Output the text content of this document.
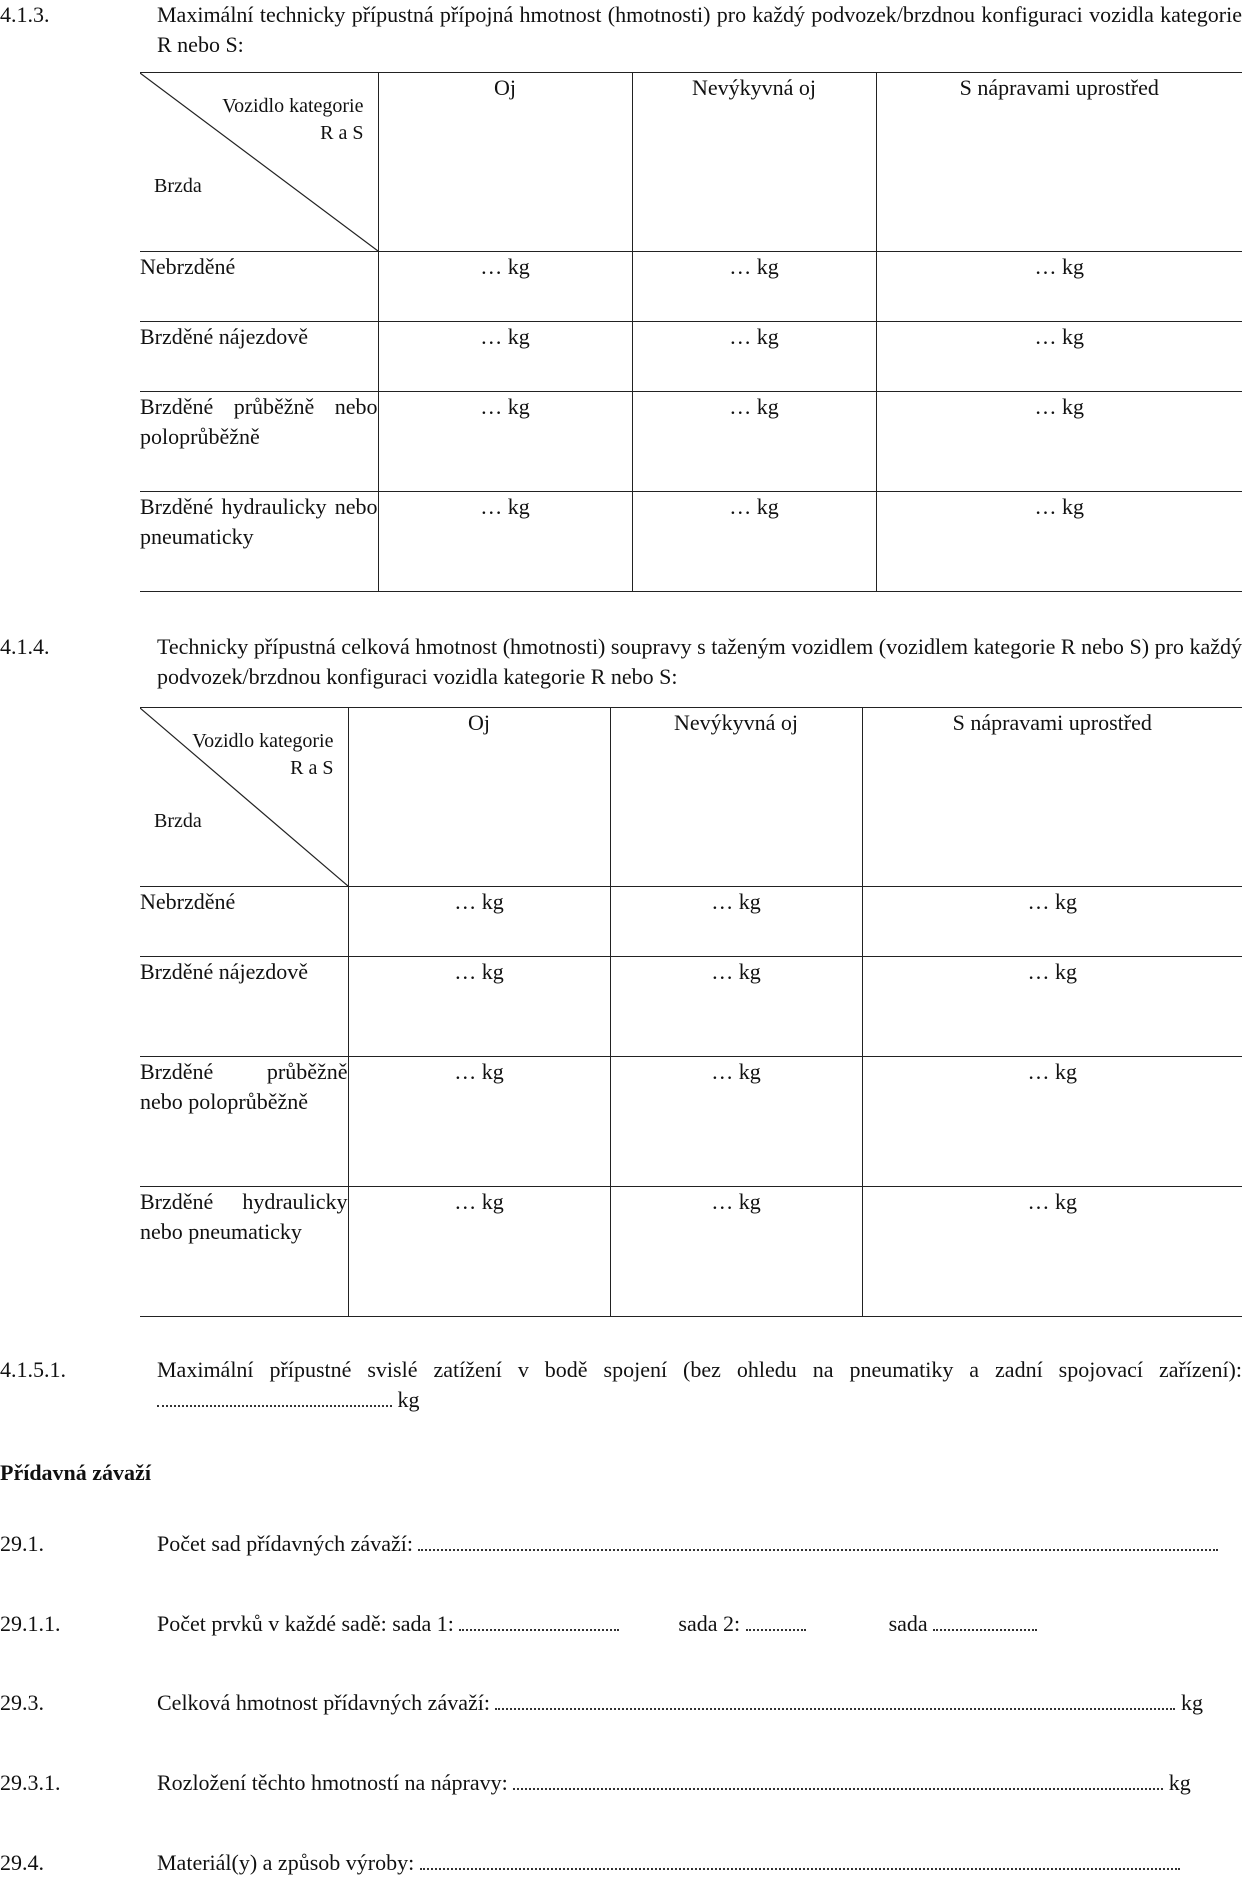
4.1.3.	Maximální technicky přípustná přípojná hmotnost (hmotnosti) pro každý podvozek/brzdnou konfiguraci vozidla kategorie R nebo S:
Vozidlo kategorie
R a S
Brzda	Oj	Nevýkyvná oj	S nápravami uprostřed
Nebrzděné	… kg	… kg	… kg
Brzděné nájezdově	… kg	… kg	… kg
Brzděné průběžně nebo poloprůběžně	… kg	… kg	… kg
Brzděné hydraulicky nebo pneumaticky	… kg	… kg	… kg
4.1.4.	Technicky přípustná celková hmotnost (hmotnosti) soupravy s taženým vozidlem (vozidlem kategorie R nebo S) pro každý podvozek/brzdnou konfiguraci vozidla kategorie R nebo S:
Vozidlo kategorie
R a S
Brzda	Oj	Nevýkyvná oj	S nápravami uprostřed
Nebrzděné	… kg	… kg	… kg
Brzděné nájezdově	… kg	… kg	… kg
Brzděné průběžně nebo poloprůběžně	… kg	… kg	… kg
Brzděné hydraulicky nebo pneumaticky	… kg	… kg	… kg
4.1.5.1.	Maximální přípustné svislé zatížení v bodě spojení (bez ohledu na pneumatiky a zadní spojovací zařízení):  kg
Přídavná závaží
29.1.	Počet sad přídavných závaží:
29.1.1.	Počet prvků v každé sadě: sada 1:	sada 2:	sada
29.3.	Celková hmotnost přídavných závaží:	kg
29.3.1.	Rozložení těchto hmotností na nápravy:	kg
29.4.	Materiál(y) a způsob výroby:
